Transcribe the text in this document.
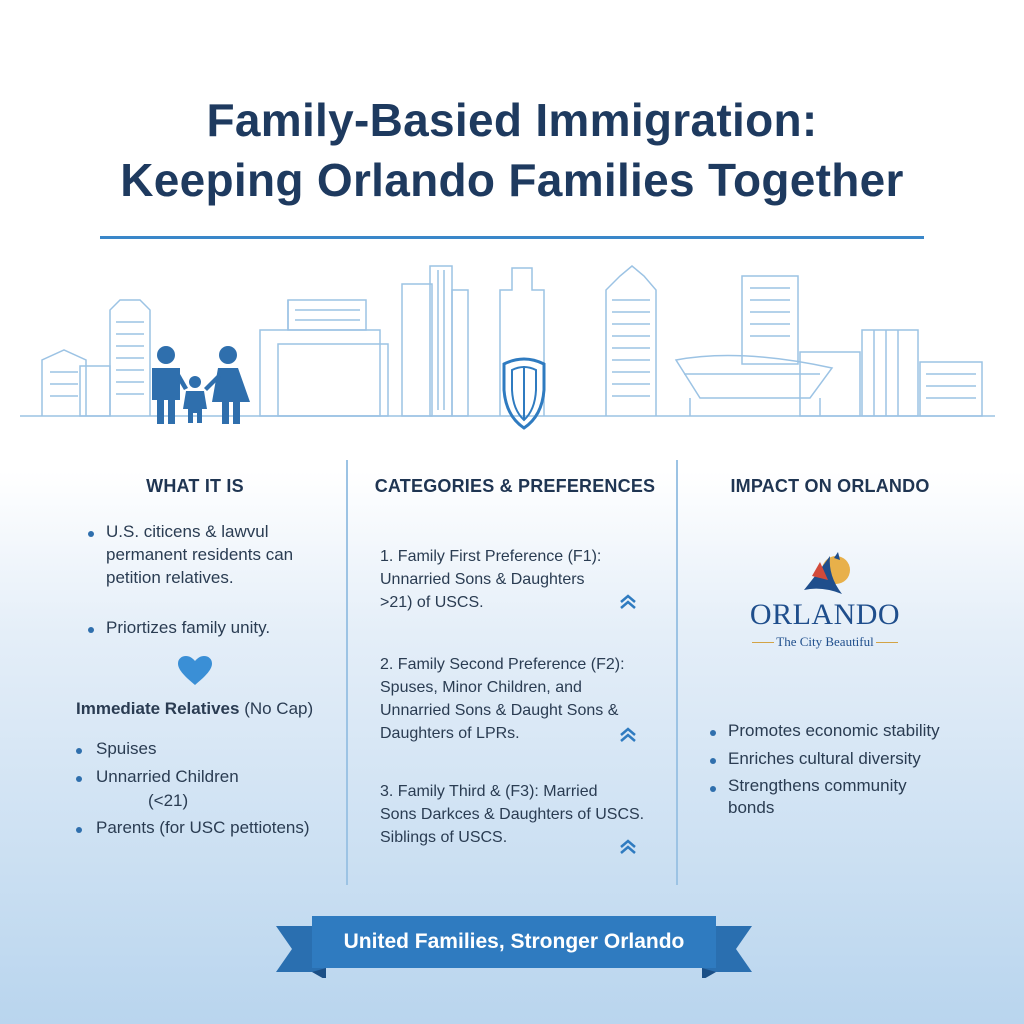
Family-Basied Immigration:
Keeping Orlando Families Together
WHAT IT IS	CATEGORIES & PREFERENCES	IMPACT ON ORLANDO
U.S. citicens & lawvul
permanent residents can
petition relatives.
Priortizes family unity.
Immediate Relatives (No Cap)
Spuises
Unnarried Children
(<21)
Parents (for USC pettiotens)
1. Family First Preference (F1):
Unnarried Sons & Daughters
>21) of USCS.
2. Family Second Preference (F2):
Spuses, Minor Children, and
Unnarried Sons & Daught Sons &
Daughters of LPRs.
3. Family Third & (F3): Married
Sons Darkces & Daughters of USCS.
Siblings of USCS.
ORLANDO
The City Beautiful
Promotes economic stability
Enriches cultural diversity
Strengthens community
bonds
United Families, Stronger Orlando
